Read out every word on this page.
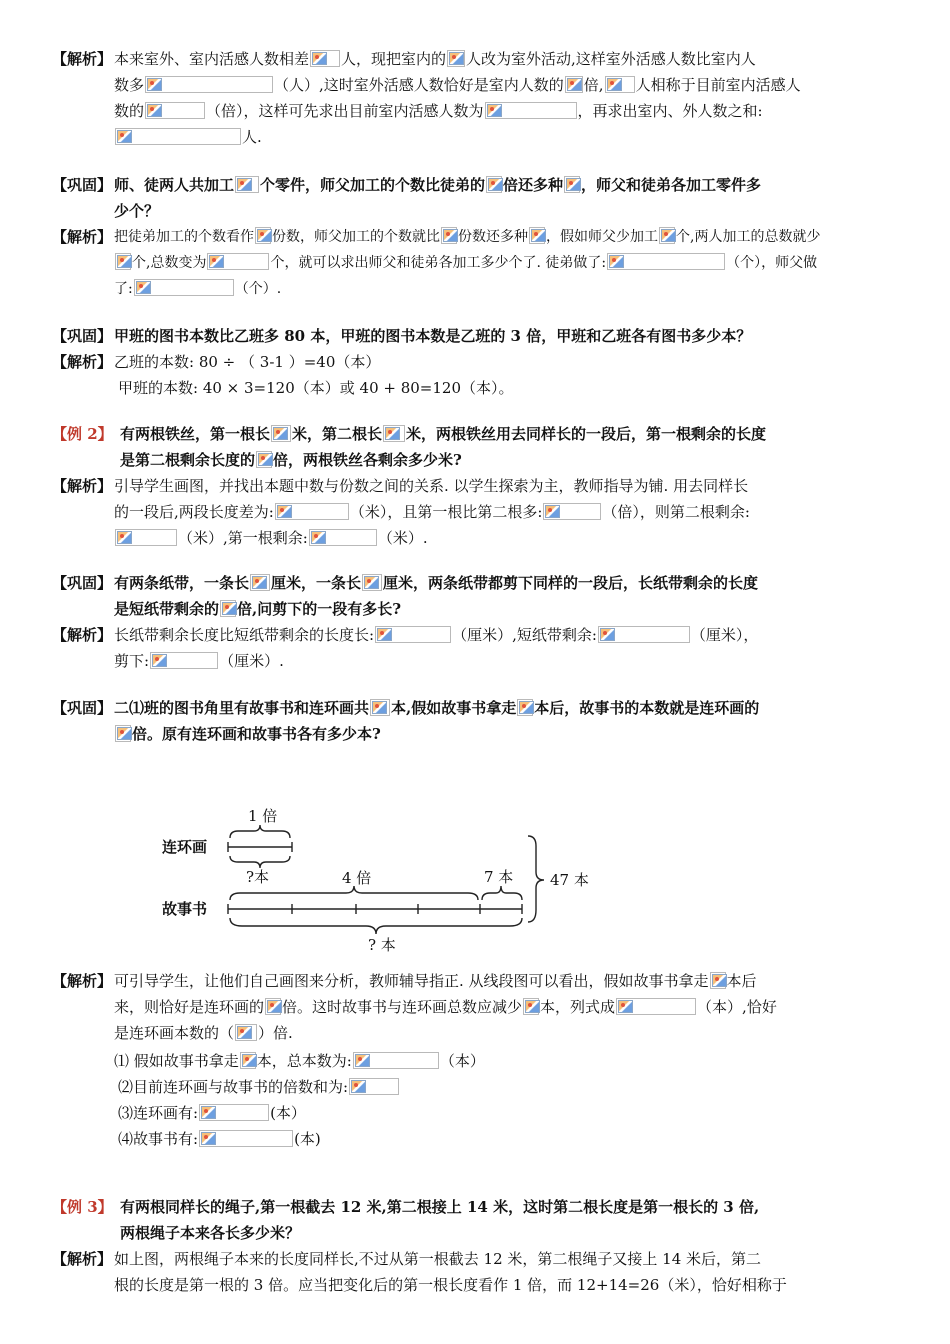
【解析】 本来室外、室内活感人数相差 人，现把室内的 人改为室外活动,这样室外活感人数比室内人
数多	（人）,这时室外活感人数恰好是室内人数的 倍, 人相称于目前室内活感人
数的	（倍），这样可先求出目前室内活感人数为	，再求出室内、外人数之和:

人.
【巩固】 师、徒两人共加工 个零件，师父加工的个数比徒弟的 倍还多种 ，师父和徒弟各加工零件多
少个？
【解析】 把徒弟加工的个数看作 份数，师父加工的个数就比 份数还多种 ，假如师父少加工 个,两人加工的总数就少

个,总数变为	个，就可以求出师父和徒弟各加工多少个了. 徒弟做了:	（个），师父做
了:	（个）.
【巩固】 甲班的图书本数比乙班多 80 本，甲班的图书本数是乙班的 3 倍，甲班和乙班各有图书多少本？
【解析】 乙班的本数: 80 ÷ （ 3-1 ）=40（本）
甲班的本数: 40 × 3=120（本）或 40 + 80=120（本）。
【例 2】 有两根铁丝，第一根长 米，第二根长 米，两根铁丝用去同样长的一段后，第一根剩余的长度
是第二根剩余长度的 倍，两根铁丝各剩余多少米?
【解析】 引导学生画图，并找出本题中数与份数之间的关系. 以学生探索为主，教师指导为铺. 用去同样长
的一段后,两段长度差为:	（米），且第一根比第二根多:	（倍），则第二根剩余:

（米）,第一根剩余:	（米）.
【巩固】 有两条纸带，一条长 厘米，一条长 厘米，两条纸带都剪下同样的一段后，长纸带剩余的长度
是短纸带剩余的 倍,问剪下的一段有多长?
【解析】 长纸带剩余长度比短纸带剩余的长度长:	（厘米）,短纸带剩余:	（厘米），
剪下:	（厘米）.
【巩固】 二⑴班的图书角里有故事书和连环画共 本,假如故事书拿走 本后，故事书的本数就是连环画的

倍。原有连环画和故事书各有多少本?
1 倍
连环画
?本	4 倍	7 本 47 本
故事书
? 本
【解析】 可引导学生，让他们自己画图来分析，教师辅导指正. 从线段图可以看出，假如故事书拿走 本后
来，则恰好是连环画的 倍。这时故事书与连环画总数应减少 本，列式成	（本）,恰好
是连环画本数的（ ）倍.
⑴ 假如故事书拿走 本，总本数为:	（本）
⑵目前连环画与故事书的倍数和为:
⑶连环画有:	(本）
⑷故事书有:	(本)
【例 3】 有两根同样长的绳子,第一根截去 12 米,第二根接上 14 米，这时第二根长度是第一根长的 3 倍,
两根绳子本来各长多少米？
【解析】 如上图，两根绳子本来的长度同样长,不过从第一根截去 12 米，第二根绳子又接上 14 米后，第二
根的长度是第一根的 3 倍。应当把变化后的第一根长度看作 1 倍，而 12+14=26（米），恰好相称于
